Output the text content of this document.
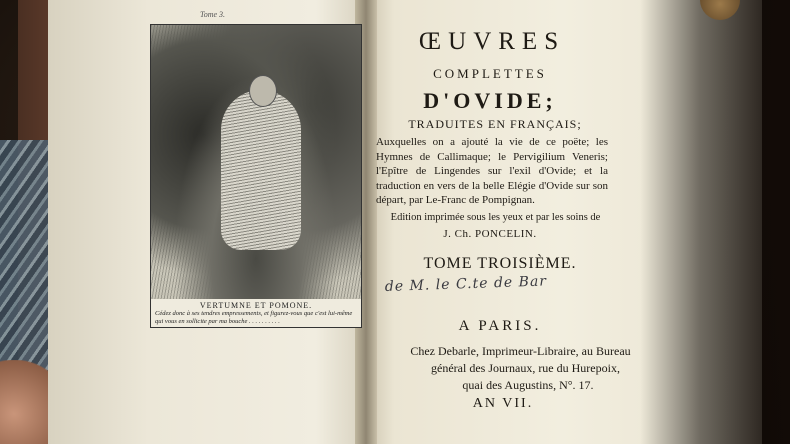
Tome 3.
VERTUMNE ET POMONE.
Cédez donc à ses tendres empressements, et figurez-vous que c'est lui-même qui vous en sollicite par ma bouche . . . . . . . . . .
ŒUVRES
COMPLETTES
D'OVIDE;
TRADUITES EN FRANÇAIS;
Auxquelles on a ajouté la vie de ce poëte; les Hymnes de Callimaque; le Pervigilium Veneris; l'Epître de Lingendes sur l'exil d'Ovide; et la traduction en vers de la belle Elégie d'Ovide sur son départ, par Le-Franc de Pompignan.
Edition imprimée sous les yeux et par les soins de
J. Ch. PONCELIN.
TOME TROISIÈME.
de M. le C.te de Bar
A PARIS.
Chez Debarle, Imprimeur-Libraire, au Bureau
général des Journaux, rue du Hurepoix,
quai des Augustins, N°. 17.
AN VII.
